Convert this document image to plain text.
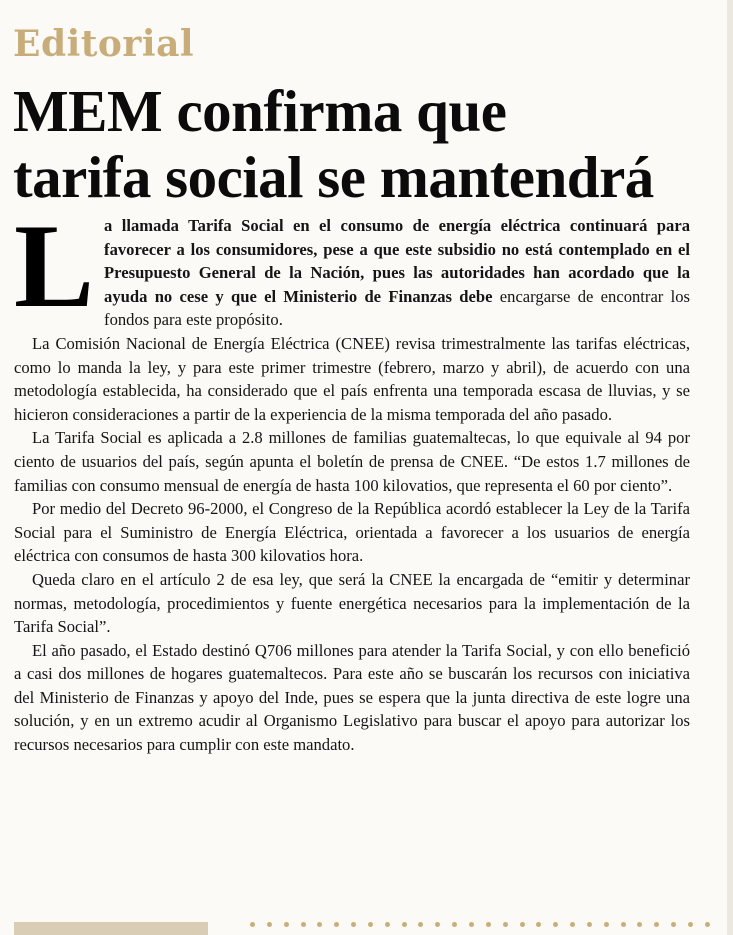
Editorial
MEM confirma que
tarifa social se mantendrá

La llamada Tarifa Social en el consumo de energía eléctrica continuará para favorecer a los consumidores, pese a que este subsidio no está contemplado en el Presupuesto General de la Nación, pues las autoridades han acordado que la ayuda no cese y que el Ministerio de Finanzas debe encargarse de encontrar los fondos para este propósito.

La Comisión Nacional de Energía Eléctrica (CNEE) revisa trimestralmente las tarifas eléctricas, como lo manda la ley, y para este primer trimestre (febrero, marzo y abril), de acuerdo con una metodología establecida, ha considerado que el país enfrenta una temporada escasa de lluvias, y se hicieron consideraciones a partir de la experiencia de la misma temporada del año pasado.

La Tarifa Social es aplicada a 2.8 millones de familias guatemaltecas, lo que equivale al 94 por ciento de usuarios del país, según apunta el boletín de prensa de CNEE. “De estos 1.7 millones de familias con consumo mensual de energía de hasta 100 kilovatios, que representa el 60 por ciento”.

Por medio del Decreto 96-2000, el Congreso de la República acordó establecer la Ley de la Tarifa Social para el Suministro de Energía Eléctrica, orientada a favorecer a los usuarios de energía eléctrica con consumos de hasta 300 kilovatios hora.

Queda claro en el artículo 2 de esa ley, que será la CNEE la encargada de “emitir y determinar normas, metodología, procedimientos y fuente energética necesarios para la implementación de la Tarifa Social”.

El año pasado, el Estado destinó Q706 millones para atender la Tarifa Social, y con ello benefició a casi dos millones de hogares guatemaltecos. Para este año se buscarán los recursos con iniciativa del Ministerio de Finanzas y apoyo del Inde, pues se espera que la junta directiva de este logre una solución, y en un extremo acudir al Organismo Legislativo para buscar el apoyo para autorizar los recursos necesarios para cumplir con este mandato.
